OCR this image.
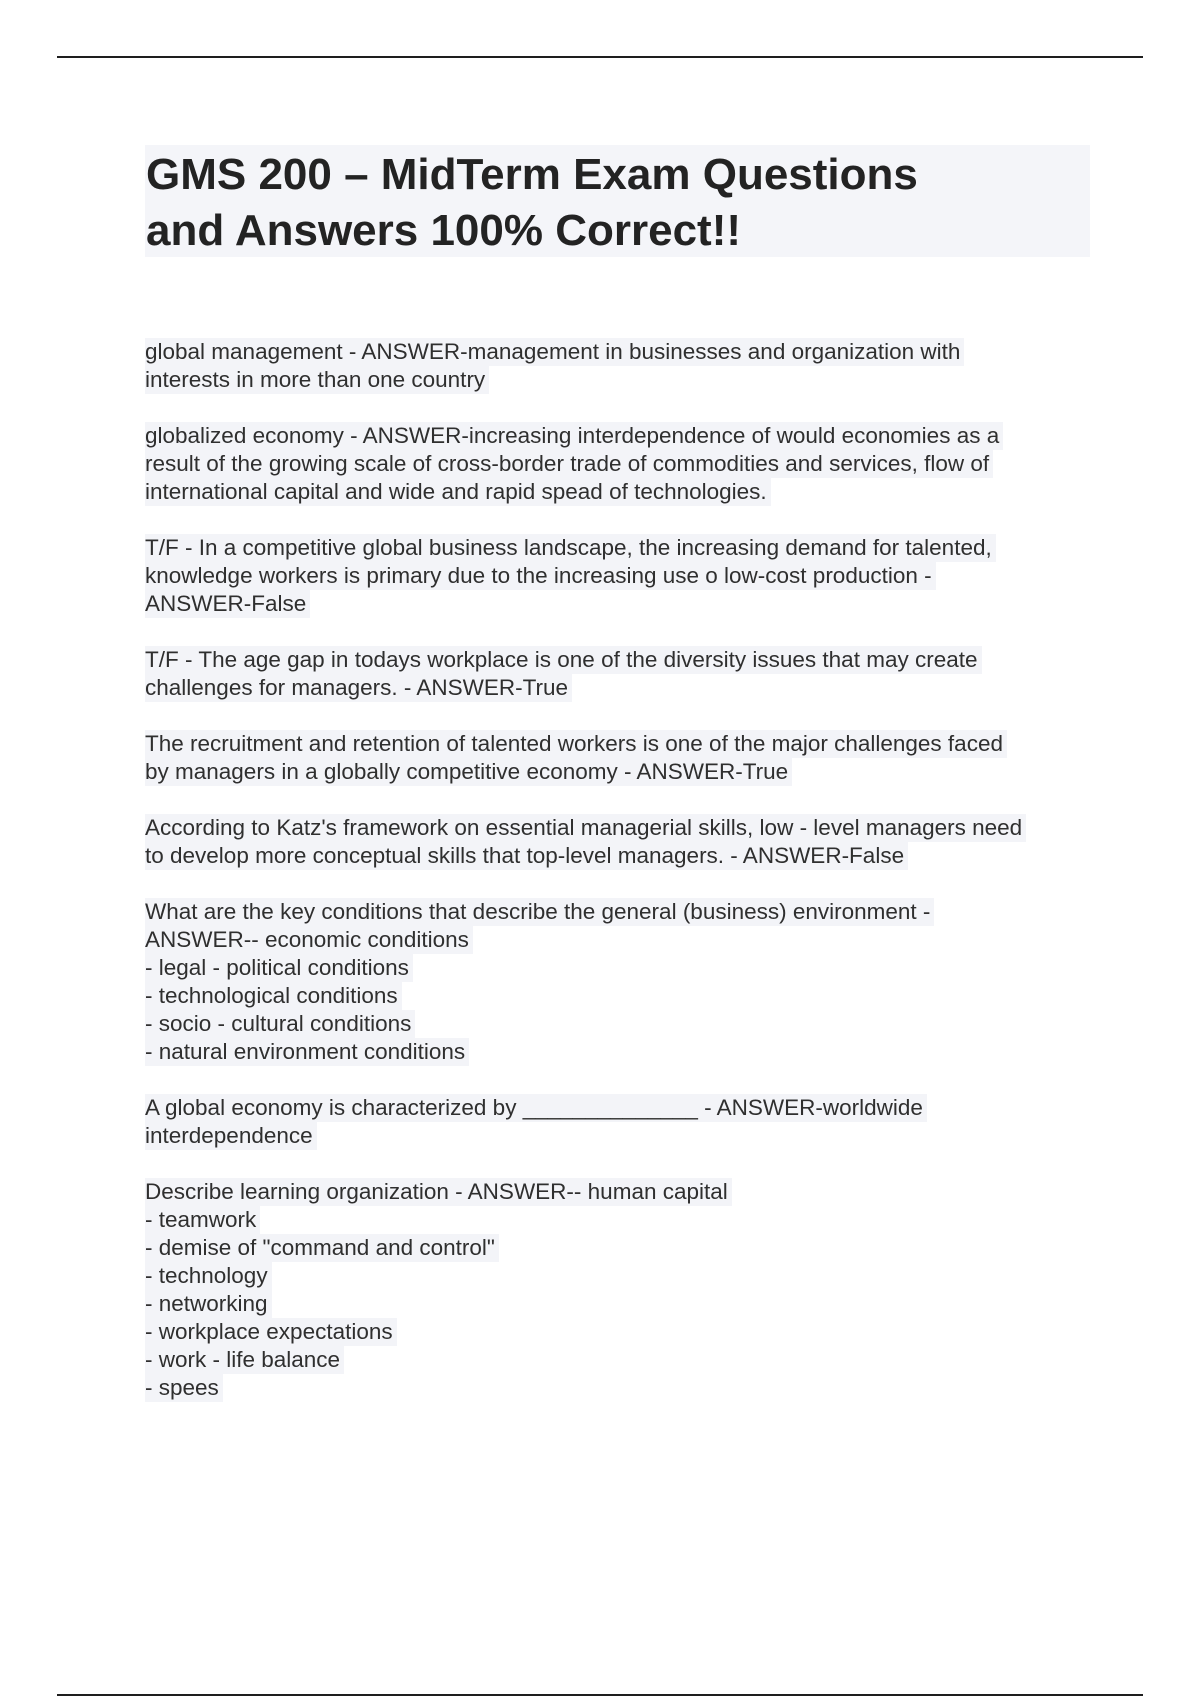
GMS 200 – MidTerm Exam Questions
and Answers 100% Correct!!
global management - ANSWER-management in businesses and organization with
interests in more than one country
globalized economy - ANSWER-increasing interdependence of would economies as a
result of the growing scale of cross-border trade of commodities and services, flow of
international capital and wide and rapid spead of technologies.
T/F - In a competitive global business landscape, the increasing demand for talented,
knowledge workers is primary due to the increasing use o low-cost production -
ANSWER-False
T/F - The age gap in todays workplace is one of the diversity issues that may create
challenges for managers. - ANSWER-True
The recruitment and retention of talented workers is one of the major challenges faced
by managers in a globally competitive economy - ANSWER-True
According to Katz's framework on essential managerial skills, low - level managers need
to develop more conceptual skills that top-level managers. - ANSWER-False
What are the key conditions that describe the general (business) environment -
ANSWER-- economic conditions
- legal - political conditions
- technological conditions
- socio - cultural conditions
- natural environment conditions
A global economy is characterized by ______________ - ANSWER-worldwide
interdependence
Describe learning organization - ANSWER-- human capital
- teamwork
- demise of "command and control"
- technology
- networking
- workplace expectations
- work - life balance
- spees
